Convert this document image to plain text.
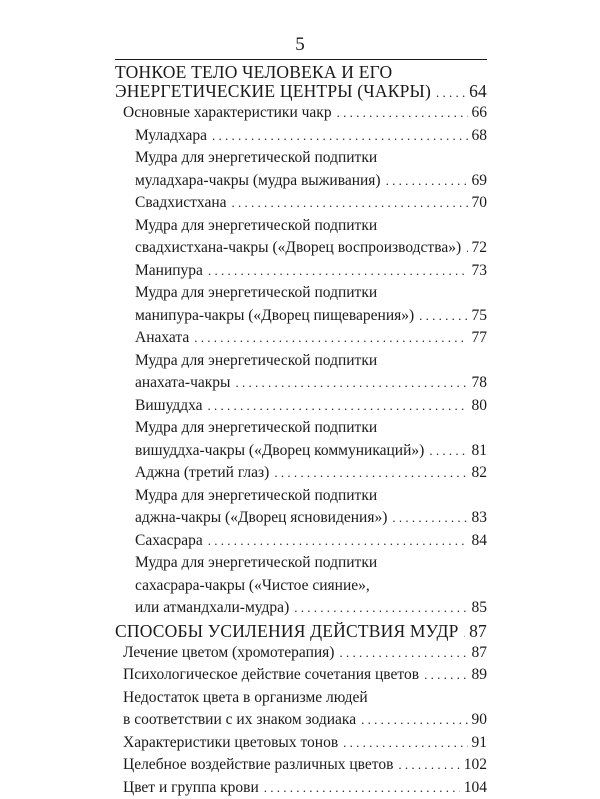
5
ТОНКОЕ ТЕЛО ЧЕЛОВЕКА И ЕГО
ЭНЕРГЕТИЧЕСКИЕ ЦЕНТРЫ (ЧАКРЫ) . . . 64
Основные характеристики чакр . . .	66
Муладхара . . .	68
Мудра для энергетической подпитки
муладхара-чакры (мудра выживания) . . .	69
Свадхистхана . . .	70
Мудра для энергетической подпитки
свадхистхана-чакры («Дворец воспроизводства») . . . 72
Манипура . . .	73
Мудра для энергетической подпитки
манипура-чакры («Дворец пищеварения») . . .	75
Анахата . . .	77
Мудра для энергетической подпитки
анахата-чакры . . .	78
Вишуддха . . .	80
Мудра для энергетической подпитки
вишуддха-чакры («Дворец коммуникаций») . . .	81
Аджна (третий глаз) . . .	82
Мудра для энергетической подпитки
аджна-чакры («Дворец ясновидения») . . .	83
Сахасрара . . .	84
Мудра для энергетической подпитки
сахасрара-чакры («Чистое сияние»,
или атмандхали-мудра) . . .	85
СПОСОБЫ УСИЛЕНИЯ ДЕЙСТВИЯ МУДР . . . 87
Лечение цветом (хромотерапия) . . .	87
Психологическое действие сочетания цветов . . .	89
Недостаток цвета в организме людей
в соответствии с их знаком зодиака . . .	90
Характеристики цветовых тонов . . .	91
Целебное воздействие различных цветов . . .	102
Цвет и группа крови . . .	104
